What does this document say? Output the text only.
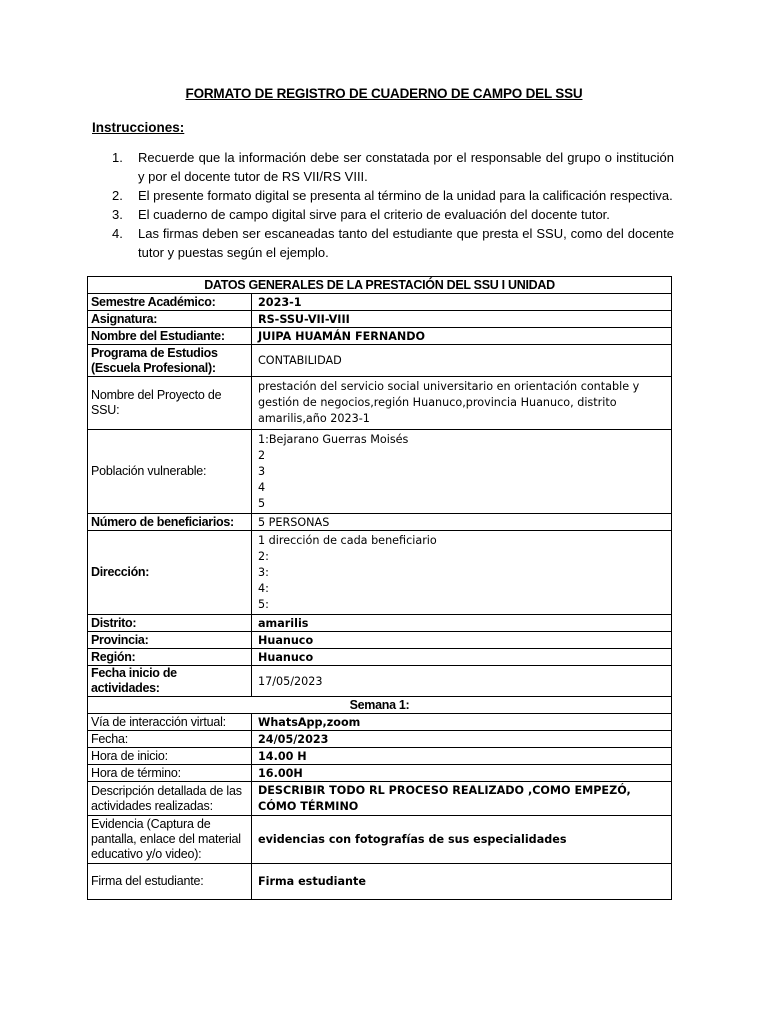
FORMATO DE REGISTRO DE CUADERNO DE CAMPO DEL SSU
Instrucciones:
1. Recuerde que la información debe ser constatada por el responsable del grupo o institución y por el docente tutor de RS VII/RS VIII.
2. El presente formato digital se presenta al término de la unidad para la calificación respectiva.
3. El cuaderno de campo digital sirve para el criterio de evaluación del docente tutor.
4. Las firmas deben ser escaneadas tanto del estudiante que presta el SSU, como del docente tutor y puestas según el ejemplo.
DATOS GENERALES DE LA PRESTACIÓN DEL SSU I UNIDAD	
Semestre Académico:	2023-1
Asignatura:	RS-SSU-VII-VIII
Nombre del Estudiante:	JUIPA HUAMÁN FERNANDO

Programa de Estudios
(Escuela Profesional):	CONTABILIDAD
Nombre del Proyecto de SSU:	prestación del servicio social universitario en orientación contable y gestión de negocios,región Huanuco,provincia Huanuco, distrito amarilis,año 2023-1
Población vulnerable:	1:Bejarano Guerras Moisés
2
3
4
5

Número de beneficiarios:	5 PERSONAS
Dirección:	1 dirección de cada beneficiario
2:
3:
4:
5:

Distrito:	amarilis
Provincia:	Huanuco
Región:	Huanuco
Fecha inicio de actividades:	17/05/2023
Semana 1:	
Vía de interacción virtual:	WhatsApp,zoom
Fecha:	24/05/2023
Hora de inicio:	14.00 H
Hora de término:	16.00H
Descripción detallada de las actividades realizadas:	DESCRIBIR TODO RL PROCESO REALIZADO ,COMO EMPEZÓ, CÓMO TÉRMINO
Evidencia (Captura de pantalla, enlace del material educativo y/o video):	evidencias con fotografías de sus especialidades
Firma del estudiante:	Firma estudiante
